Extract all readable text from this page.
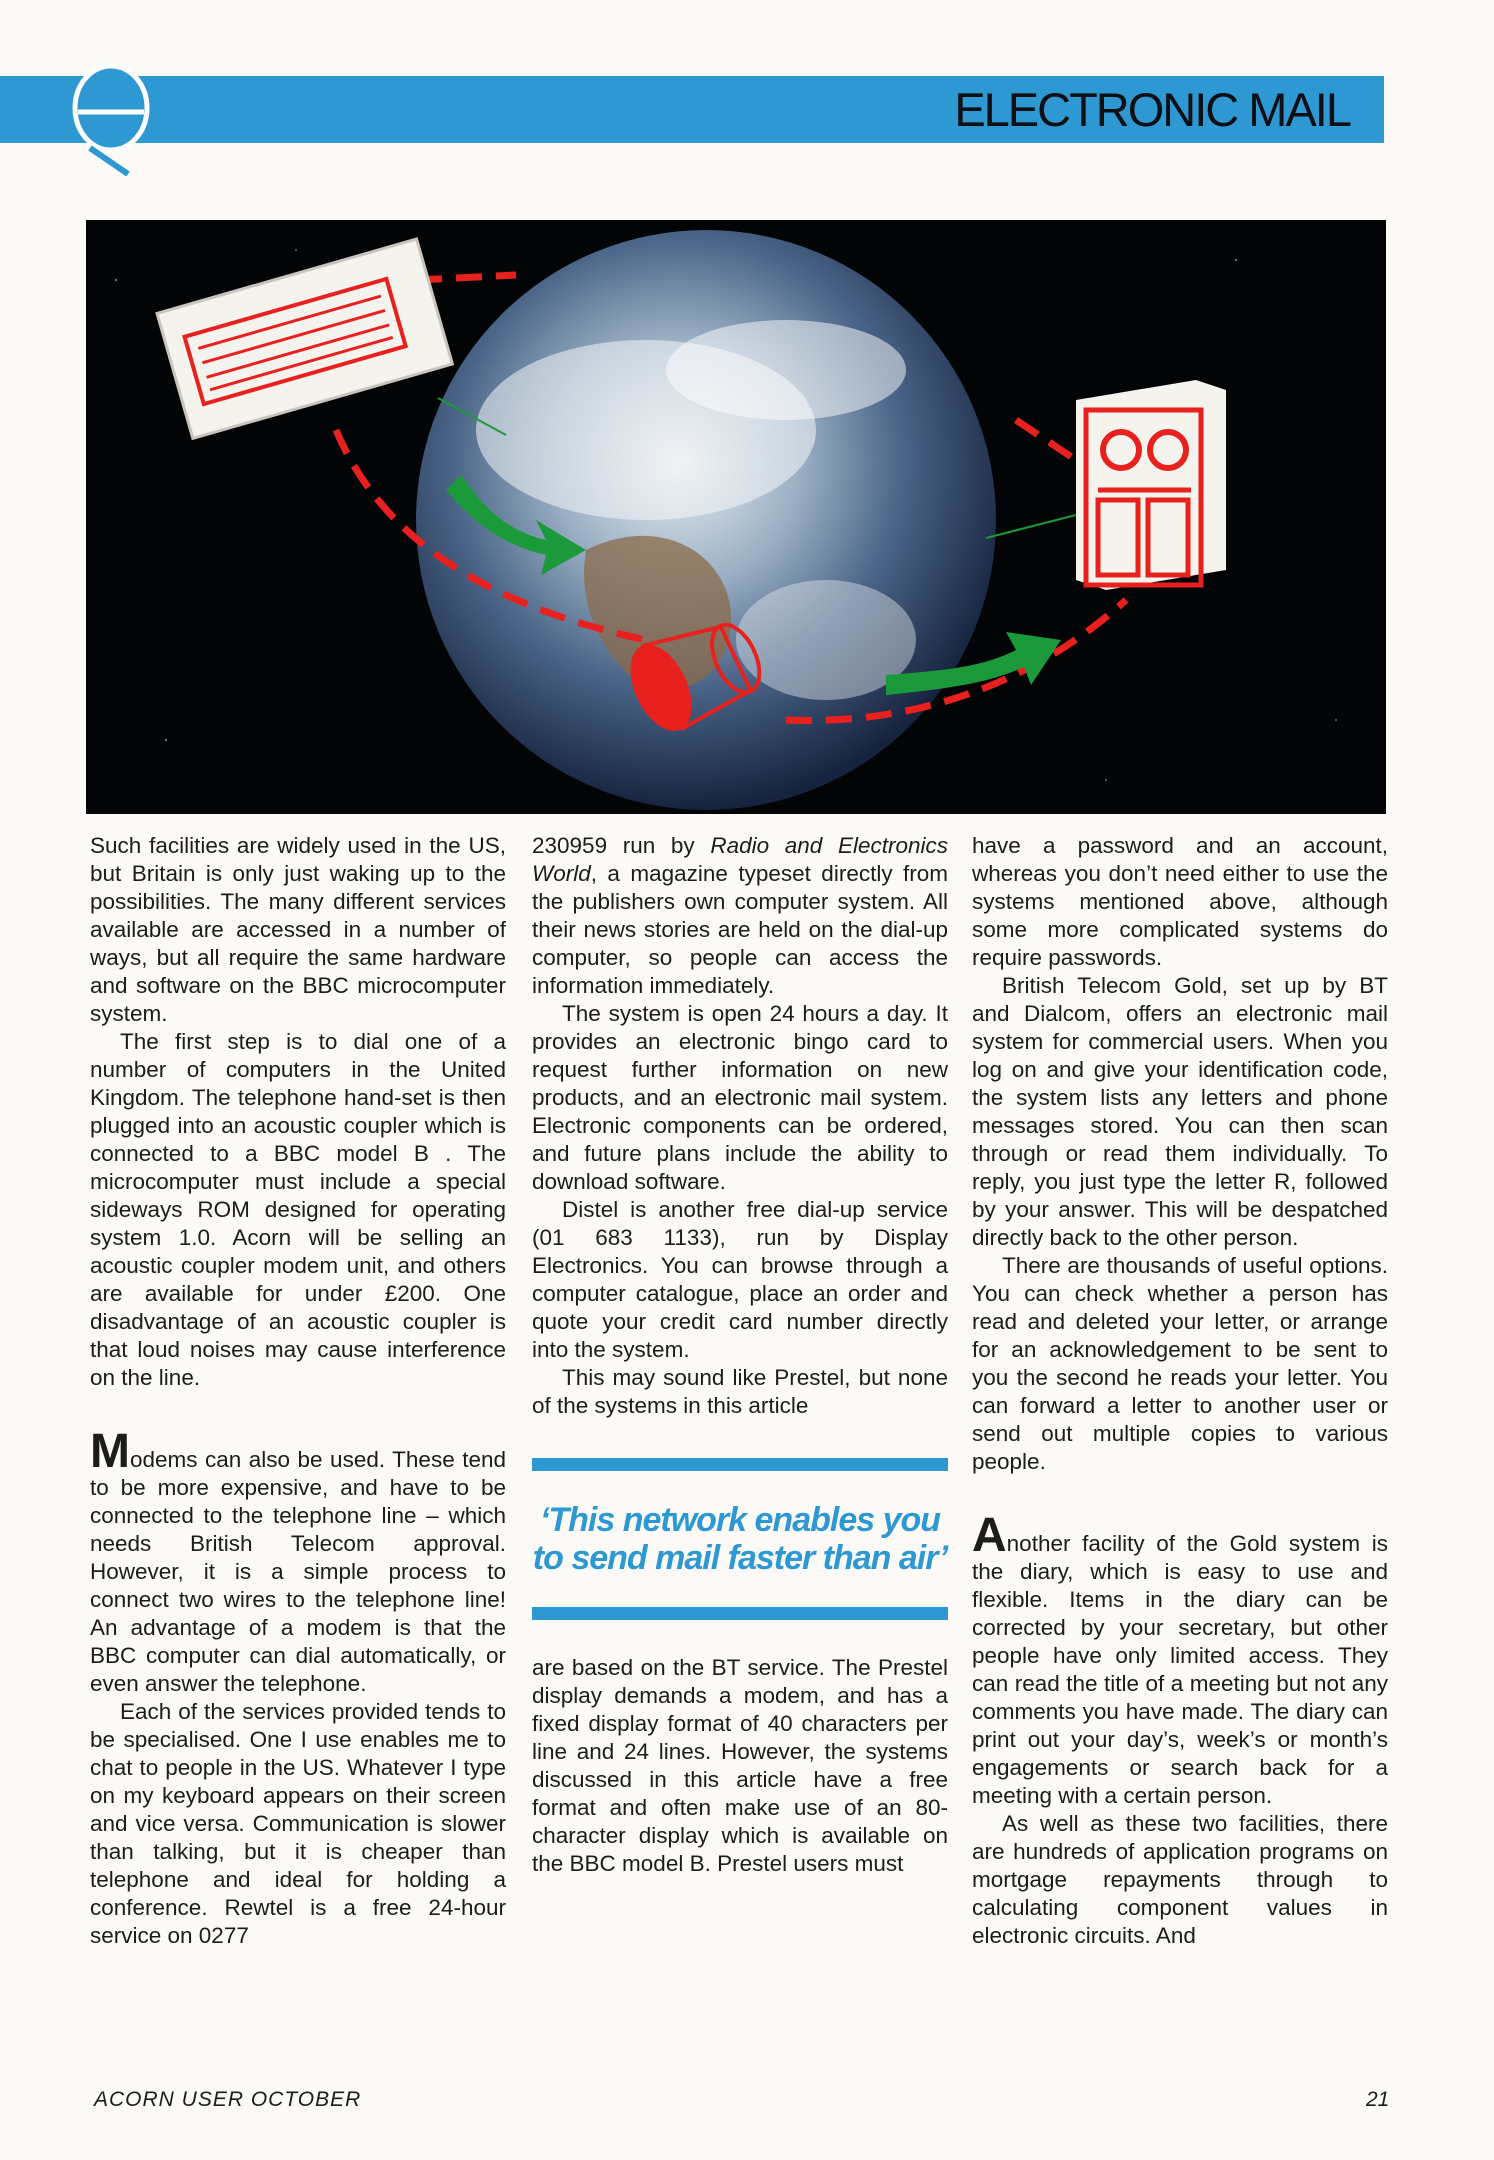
ELECTRONIC MAIL

Such facilities are widely used in the US, but Britain is only just waking up to the possibilities. The many different services available are accessed in a number of ways, but all require the same hardware and software on the BBC microcomputer system.

The first step is to dial one of a number of computers in the United Kingdom. The telephone hand-set is then plugged into an acoustic coupler which is connected to a BBC model B . The microcomputer must include a special sideways ROM designed for operating system 1.0. Acorn will be selling an acoustic coupler modem unit, and others are available for under £200. One disadvantage of an acoustic coupler is that loud noises may cause interference on the line.

Modems can also be used. These tend to be more expensive, and have to be connected to the telephone line – which needs British Telecom approval. However, it is a simple process to connect two wires to the telephone line! An advantage of a modem is that the BBC computer can dial automatically, or even answer the telephone.

Each of the services provided tends to be specialised. One I use enables me to chat to people in the US. Whatever I type on my keyboard appears on their screen and vice versa. Communication is slower than talking, but it is cheaper than telephone and ideal for holding a conference. Rewtel is a free 24-hour service on 0277

230959 run by Radio and Electronics World, a magazine typeset directly from the publishers own computer system. All their news stories are held on the dial-up computer, so people can access the information immediately.

The system is open 24 hours a day. It provides an electronic bingo card to request further information on new products, and an electronic mail system. Electronic components can be ordered, and future plans include the ability to download software.

Distel is another free dial-up service (01 683 1133), run by Display Electronics. You can browse through a computer catalogue, place an order and quote your credit card number directly into the system.

This may sound like Prestel, but none of the systems in this article

‘This network enables you to send mail faster than air’

are based on the BT service. The Prestel display demands a modem, and has a fixed display format of 40 characters per line and 24 lines. However, the systems discussed in this article have a free format and often make use of an 80-character display which is available on the BBC model B. Prestel users must

have a password and an account, whereas you don’t need either to use the systems mentioned above, although some more complicated systems do require passwords.

British Telecom Gold, set up by BT and Dialcom, offers an electronic mail system for commercial users. When you log on and give your identification code, the system lists any letters and phone messages stored. You can then scan through or read them individually. To reply, you just type the letter R, followed by your answer. This will be despatched directly back to the other person.

There are thousands of useful options. You can check whether a person has read and deleted your letter, or arrange for an acknowledgement to be sent to you the second he reads your letter. You can forward a letter to another user or send out multiple copies to various people.

Another facility of the Gold system is the diary, which is easy to use and flexible. Items in the diary can be corrected by your secretary, but other people have only limited access. They can read the title of a meeting but not any comments you have made. The diary can print out your day’s, week’s or month’s engagements or search back for a meeting with a certain person.

As well as these two facilities, there are hundreds of application programs on mortgage repayments through to calculating component values in electronic circuits. And

ACORN USER OCTOBER	21
